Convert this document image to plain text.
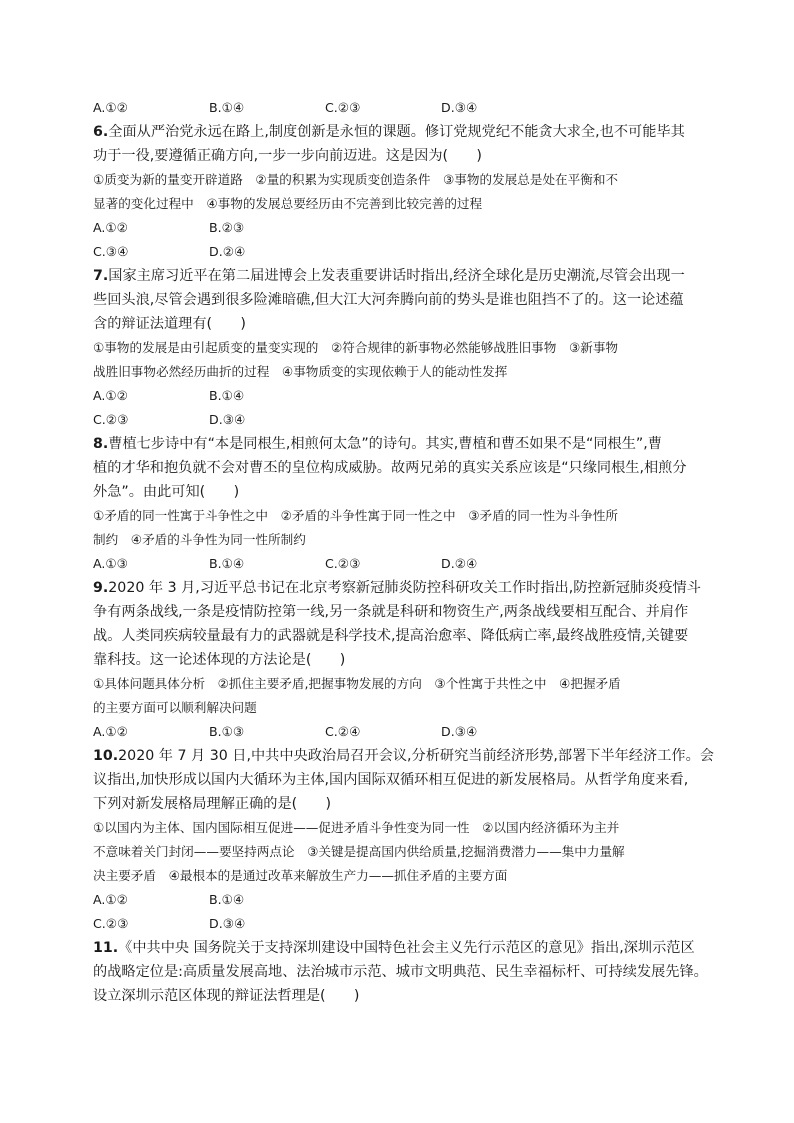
A.①②	B.①④	C.②③	D.③④
6.全面从严治党永远在路上,制度创新是永恒的课题。修订党规党纪不能贪大求全,也不可能毕其
功于一役,要遵循正确方向,一步一步向前迈进。这是因为(　　)
①质变为新的量变开辟道路　②量的积累为实现质变创造条件　③事物的发展总是处在平衡和不
显著的变化过程中　④事物的发展总要经历由不完善到比较完善的过程
A.①②	B.②③
C.③④	D.②④
7.国家主席习近平在第二届进博会上发表重要讲话时指出,经济全球化是历史潮流,尽管会出现一
些回头浪,尽管会遇到很多险滩暗礁,但大江大河奔腾向前的势头是谁也阻挡不了的。这一论述蕴
含的辩证法道理有(　　)
①事物的发展是由引起质变的量变实现的　②符合规律的新事物必然能够战胜旧事物　③新事物
战胜旧事物必然经历曲折的过程　④事物质变的实现依赖于人的能动性发挥
A.①②	B.①④
C.②③	D.③④
8.曹植七步诗中有“本是同根生,相煎何太急”的诗句。其实,曹植和曹丕如果不是“同根生”,曹
植的才华和抱负就不会对曹丕的皇位构成威胁。故两兄弟的真实关系应该是“只缘同根生,相煎分
外急”。由此可知(　　)
①矛盾的同一性寓于斗争性之中　②矛盾的斗争性寓于同一性之中　③矛盾的同一性为斗争性所
制约　④矛盾的斗争性为同一性所制约
A.①③	B.①④	C.②③	D.②④
9.2020 年 3 月,习近平总书记在北京考察新冠肺炎防控科研攻关工作时指出,防控新冠肺炎疫情斗
争有两条战线,一条是疫情防控第一线,另一条就是科研和物资生产,两条战线要相互配合、并肩作
战。人类同疾病较量最有力的武器就是科学技术,提高治愈率、降低病亡率,最终战胜疫情,关键要
靠科技。这一论述体现的方法论是(　　)
①具体问题具体分析　②抓住主要矛盾,把握事物发展的方向　③个性寓于共性之中　④把握矛盾
的主要方面可以顺利解决问题
A.①②	B.①③	C.②④	D.③④
10.2020 年 7 月 30 日,中共中央政治局召开会议,分析研究当前经济形势,部署下半年经济工作。会
议指出,加快形成以国内大循环为主体,国内国际双循环相互促进的新发展格局。从哲学角度来看,
下列对新发展格局理解正确的是(　　)
①以国内为主体、国内国际相互促进——促进矛盾斗争性变为同一性　②以国内经济循环为主并
不意味着关门封闭——要坚持两点论　③关键是提高国内供给质量,挖掘消费潜力——集中力量解
决主要矛盾　④最根本的是通过改革来解放生产力——抓住矛盾的主要方面
A.①②	B.①④
C.②③	D.③④
11.《中共中央 国务院关于支持深圳建设中国特色社会主义先行示范区的意见》指出,深圳示范区
的战略定位是:高质量发展高地、法治城市示范、城市文明典范、民生幸福标杆、可持续发展先锋。
设立深圳示范区体现的辩证法哲理是(　　)
